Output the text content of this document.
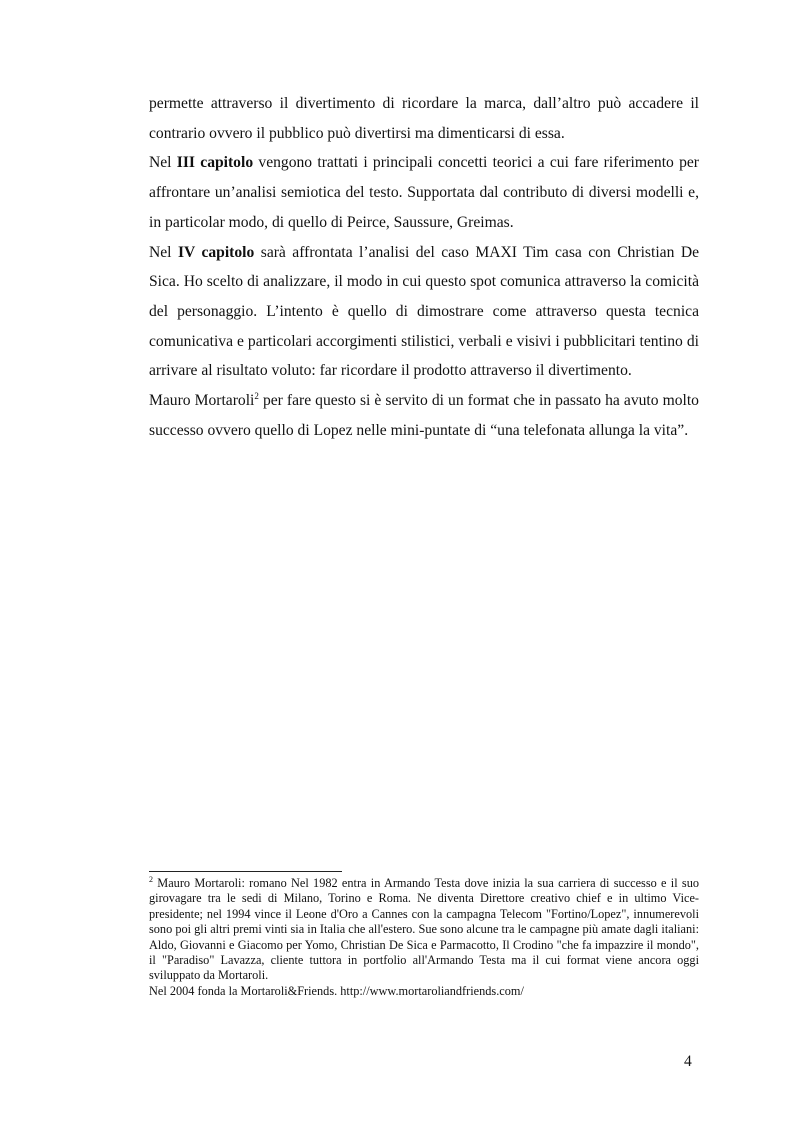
permette attraverso il divertimento di ricordare la marca, dall’altro può accadere il contrario ovvero il pubblico può divertirsi ma dimenticarsi di essa.

Nel III capitolo vengono trattati i principali concetti teorici a cui fare riferimento per affrontare un’analisi semiotica del testo. Supportata dal contributo di diversi modelli e, in particolar modo, di quello di Peirce, Saussure, Greimas.

Nel IV capitolo sarà affrontata l’analisi del caso MAXI Tim casa con Christian De Sica. Ho scelto di analizzare, il modo in cui questo spot comunica attraverso la comicità del personaggio. L’intento è quello di dimostrare come attraverso questa tecnica comunicativa e particolari accorgimenti stilistici, verbali e visivi i pubblicitari tentino di arrivare al risultato voluto: far ricordare il prodotto attraverso il divertimento.

Mauro Mortaroli$^2$ per fare questo si è servito di un format che in passato ha avuto molto successo ovvero quello di Lopez nelle mini-puntate di “una telefonata allunga la vita”.

$^2$ Mauro Mortaroli: romano Nel 1982 entra in Armando Testa dove inizia la sua carriera di successo e il suo girovagare tra le sedi di Milano, Torino e Roma. Ne diventa Direttore creativo chief e in ultimo Vice-presidente; nel 1994 vince il Leone d'Oro a Cannes con la campagna Telecom "Fortino/Lopez", innumerevoli sono poi gli altri premi vinti sia in Italia che all'estero. Sue sono alcune tra le campagne più amate dagli italiani: Aldo, Giovanni e Giacomo per Yomo, Christian De Sica e Parmacotto, Il Crodino "che fa impazzire il mondo", il "Paradiso" Lavazza, cliente tuttora in portfolio all'Armando Testa ma il cui format viene ancora oggi sviluppato da Mortaroli.

Nel 2004 fonda la Mortaroli&Friends. http://www.mortaroliandfriends.com/

4
